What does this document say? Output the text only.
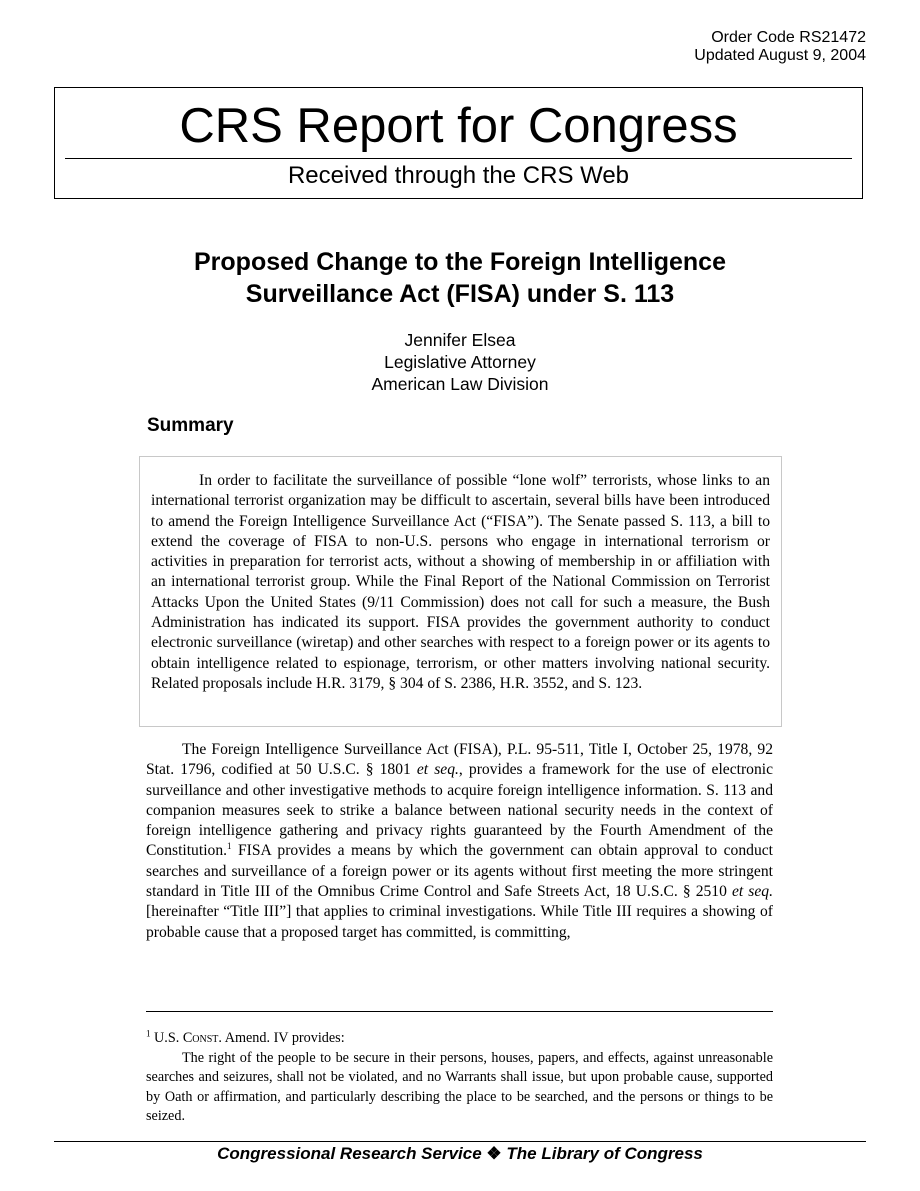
Order Code RS21472
Updated August 9, 2004
CRS Report for Congress
Received through the CRS Web
Proposed Change to the Foreign Intelligence
Surveillance Act (FISA) under S. 113
Jennifer Elsea
Legislative Attorney
American Law Division
Summary

In order to facilitate the surveillance of possible “lone wolf” terrorists, whose links to an international terrorist organization may be difficult to ascertain, several bills have been introduced to amend the Foreign Intelligence Surveillance Act (“FISA”). The Senate passed S. 113, a bill to extend the coverage of FISA to non-U.S. persons who engage in international terrorism or activities in preparation for terrorist acts, without a showing of membership in or affiliation with an international terrorist group. While the Final Report of the National Commission on Terrorist Attacks Upon the United States (9/11 Commission) does not call for such a measure, the Bush Administration has indicated its support. FISA provides the government authority to conduct electronic surveillance (wiretap) and other searches with respect to a foreign power or its agents to obtain intelligence related to espionage, terrorism, or other matters involving national security. Related proposals include H.R. 3179, § 304 of S. 2386, H.R. 3552, and S. 123.

The Foreign Intelligence Surveillance Act (FISA), P.L. 95-511, Title I, October 25, 1978, 92 Stat. 1796, codified at 50 U.S.C. § 1801 et seq., provides a framework for the use of electronic surveillance and other investigative methods to acquire foreign intelligence information. S. 113 and companion measures seek to strike a balance between national security needs in the context of foreign intelligence gathering and privacy rights guaranteed by the Fourth Amendment of the Constitution.$^1$ FISA provides a means by which the government can obtain approval to conduct searches and surveillance of a foreign power or its agents without first meeting the more stringent standard in Title III of the Omnibus Crime Control and Safe Streets Act, 18 U.S.C. § 2510 et seq. [hereinafter “Title III”] that applies to criminal investigations. While Title III requires a showing of probable cause that a proposed target has committed, is committing,

$^1$ U.S. Const. Amend. IV provides:

The right of the people to be secure in their persons, houses, papers, and effects, against unreasonable searches and seizures, shall not be violated, and no Warrants shall issue, but upon probable cause, supported by Oath or affirmation, and particularly describing the place to be searched, and the persons or things to be seized.

Congressional Research Service ❖ The Library of Congress
